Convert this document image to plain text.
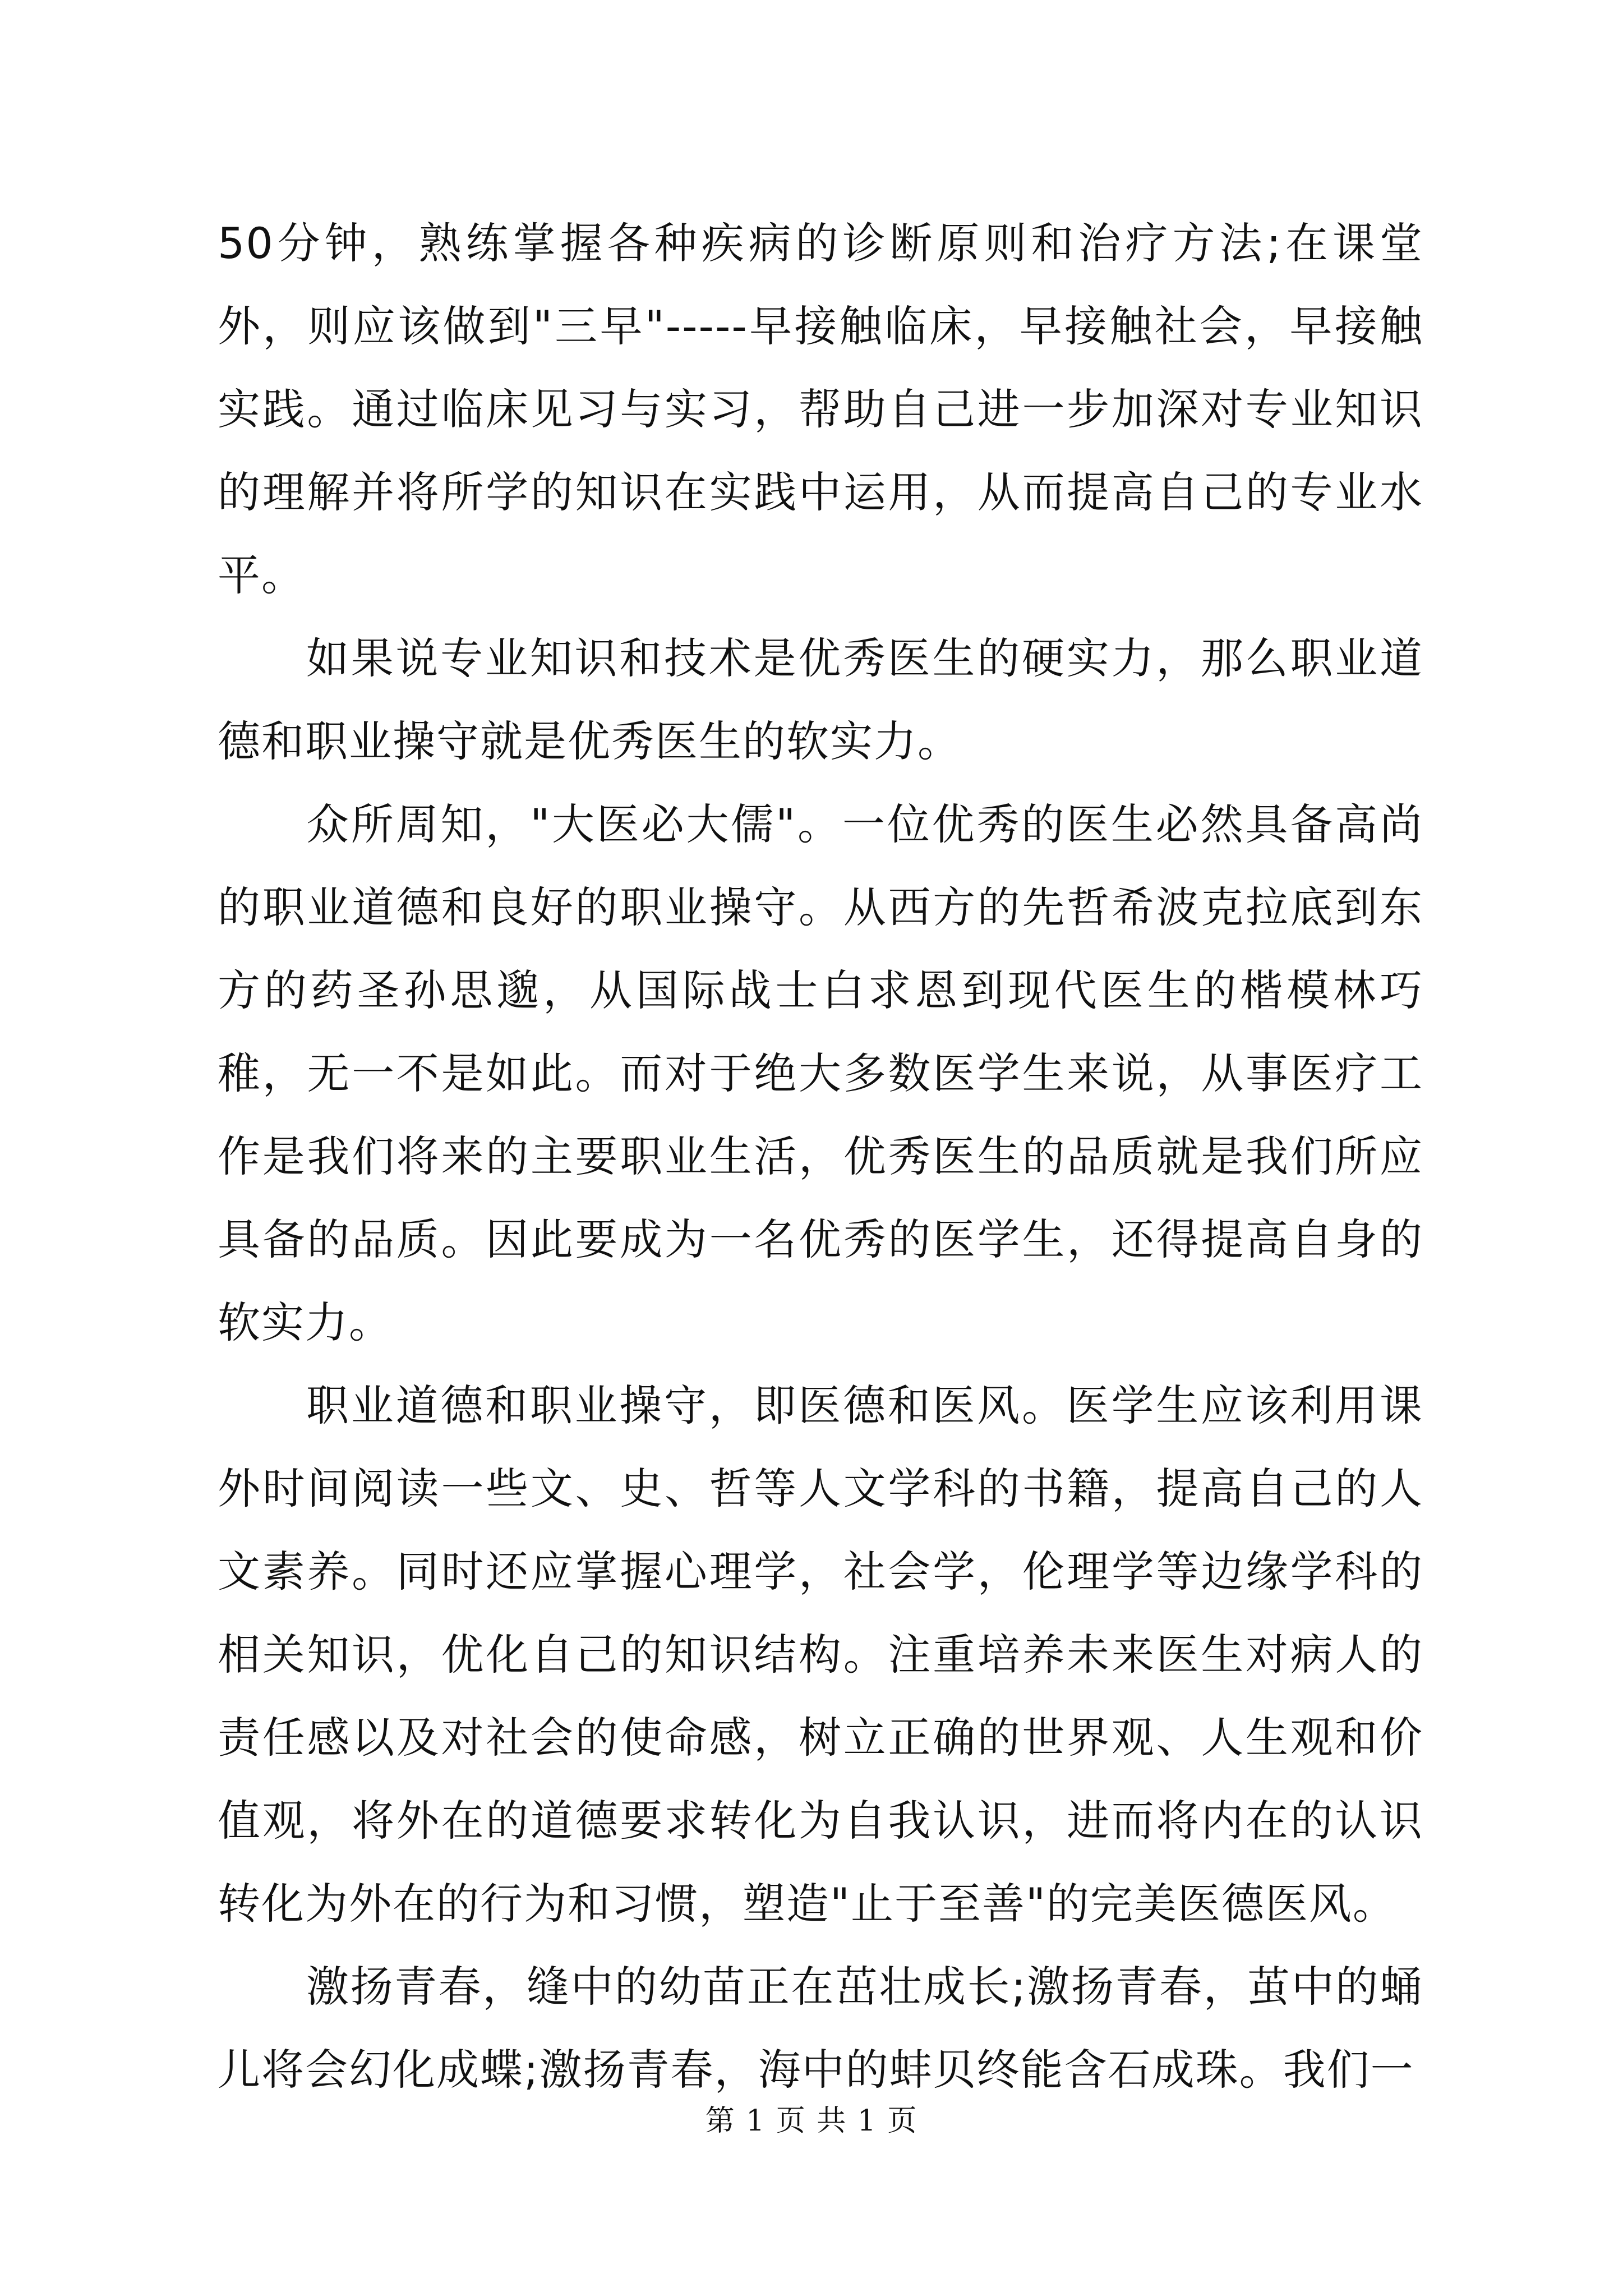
50分钟，熟练掌握各种疾病的诊断原则和治疗方法;在课堂外，则应该做到"三早"-----早接触临床，早接触社会，早接触实践。通过临床见习与实习，帮助自己进一步加深对专业知识的理解并将所学的知识在实践中运用，从而提高自己的专业水平。

如果说专业知识和技术是优秀医生的硬实力，那么职业道德和职业操守就是优秀医生的软实力。

众所周知，"大医必大儒"。一位优秀的医生必然具备高尚的职业道德和良好的职业操守。从西方的先哲希波克拉底到东方的药圣孙思邈，从国际战士白求恩到现代医生的楷模林巧稚，无一不是如此。而对于绝大多数医学生来说，从事医疗工作是我们将来的主要职业生活，优秀医生的品质就是我们所应具备的品质。因此要成为一名优秀的医学生，还得提高自身的软实力。

职业道德和职业操守，即医德和医风。医学生应该利用课外时间阅读一些文、史、哲等人文学科的书籍，提高自己的人文素养。同时还应掌握心理学，社会学，伦理学等边缘学科的相关知识，优化自己的知识结构。注重培养未来医生对病人的责任感以及对社会的使命感，树立正确的世界观、人生观和价值观，将外在的道德要求转化为自我认识，进而将内在的认识转化为外在的行为和习惯，塑造"止于至善"的完美医德医风。

激扬青春，缝中的幼苗正在茁壮成长;激扬青春，茧中的蛹儿将会幻化成蝶;激扬青春，海中的蚌贝终能含石成珠。我们一

第 1 页 共 1 页
